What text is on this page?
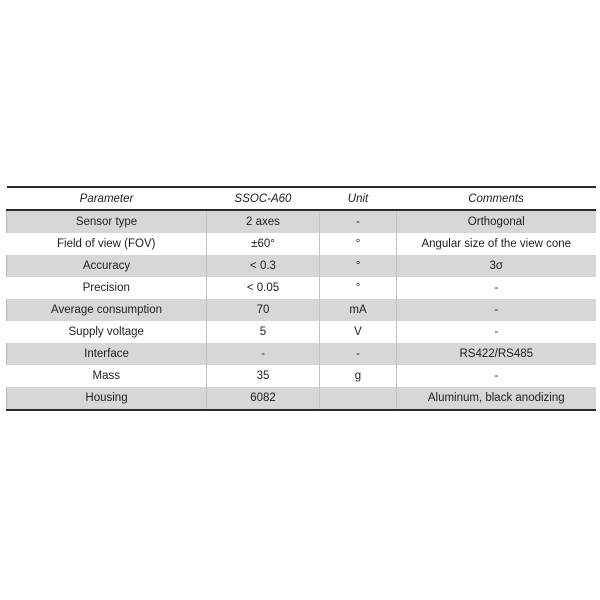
Parameter	SSOC-A60	Unit	Comments
Sensor type	2 axes	-	Orthogonal
Field of view (FOV)	±60°	°	Angular size of the view cone
Accuracy	< 0.3	°	3σ
Precision	< 0.05	°	-
Average consumption	70	mA	-
Supply voltage	5	V	-
Interface	-	-	RS422/RS485
Mass	35	g	-
Housing	6082		Aluminum, black anodizing
